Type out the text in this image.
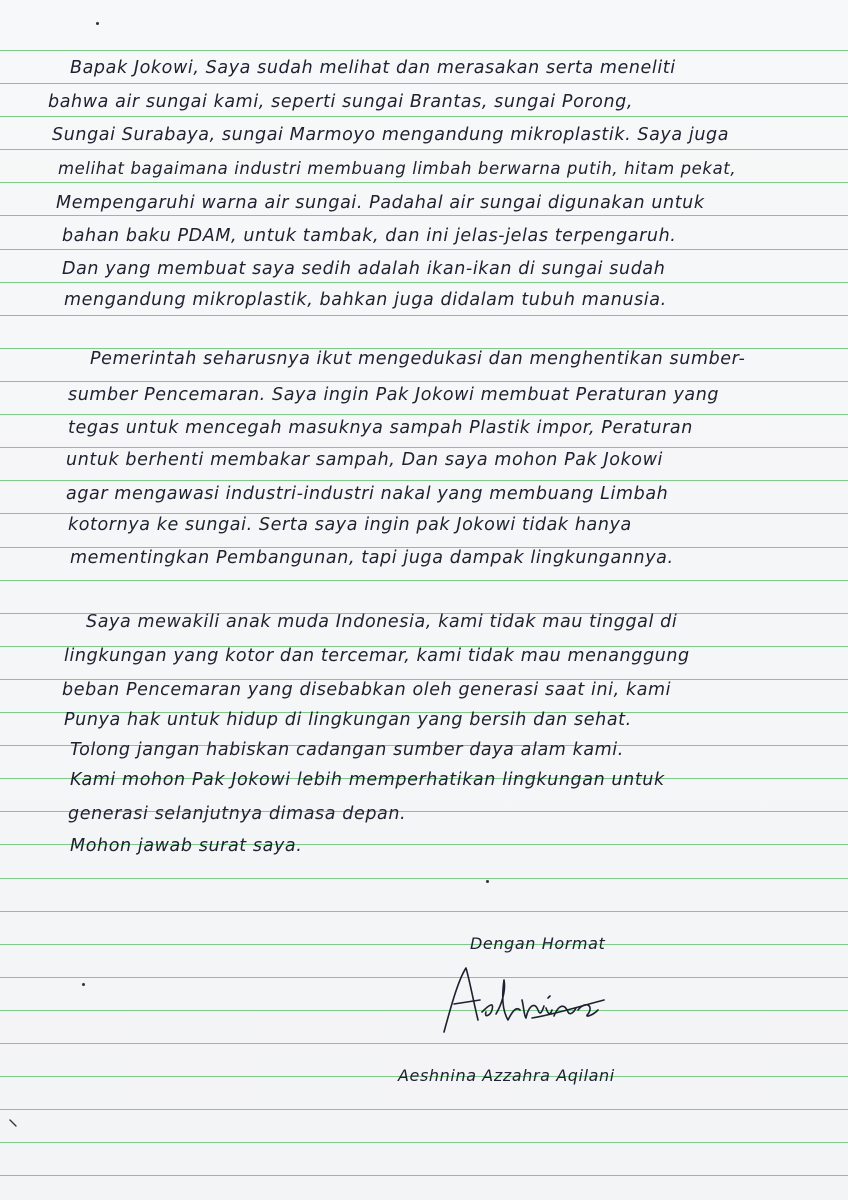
Bapak Jokowi, Saya sudah melihat dan merasakan serta meneliti
bahwa air sungai kami, seperti sungai Brantas, sungai Porong,
Sungai Surabaya, sungai Marmoyo mengandung mikroplastik. Saya juga
melihat bagaimana industri membuang limbah berwarna putih, hitam pekat,
Mempengaruhi warna air sungai. Padahal air sungai digunakan untuk
bahan baku PDAM, untuk tambak, dan ini jelas-jelas terpengaruh.
Dan yang membuat saya sedih adalah ikan-ikan di sungai sudah
mengandung mikroplastik, bahkan juga didalam tubuh manusia.
Pemerintah seharusnya ikut mengedukasi dan menghentikan sumber-
sumber Pencemaran. Saya ingin Pak Jokowi membuat Peraturan yang
tegas untuk mencegah masuknya sampah Plastik impor, Peraturan
untuk berhenti membakar sampah, Dan saya mohon Pak Jokowi
agar mengawasi industri-industri nakal yang membuang Limbah
kotornya ke sungai. Serta saya ingin pak Jokowi tidak hanya
mementingkan Pembangunan, tapi juga dampak lingkungannya.
Saya mewakili anak muda Indonesia, kami tidak mau tinggal di
lingkungan yang kotor dan tercemar, kami tidak mau menanggung
beban Pencemaran yang disebabkan oleh generasi saat ini, kami
Punya hak untuk hidup di lingkungan yang bersih dan sehat.
Tolong jangan habiskan cadangan sumber daya alam kami.
Kami mohon Pak Jokowi lebih memperhatikan lingkungan untuk
generasi selanjutnya dimasa depan.
Mohon jawab surat saya.
Dengan Hormat
Aeshnina Azzahra Aqilani
